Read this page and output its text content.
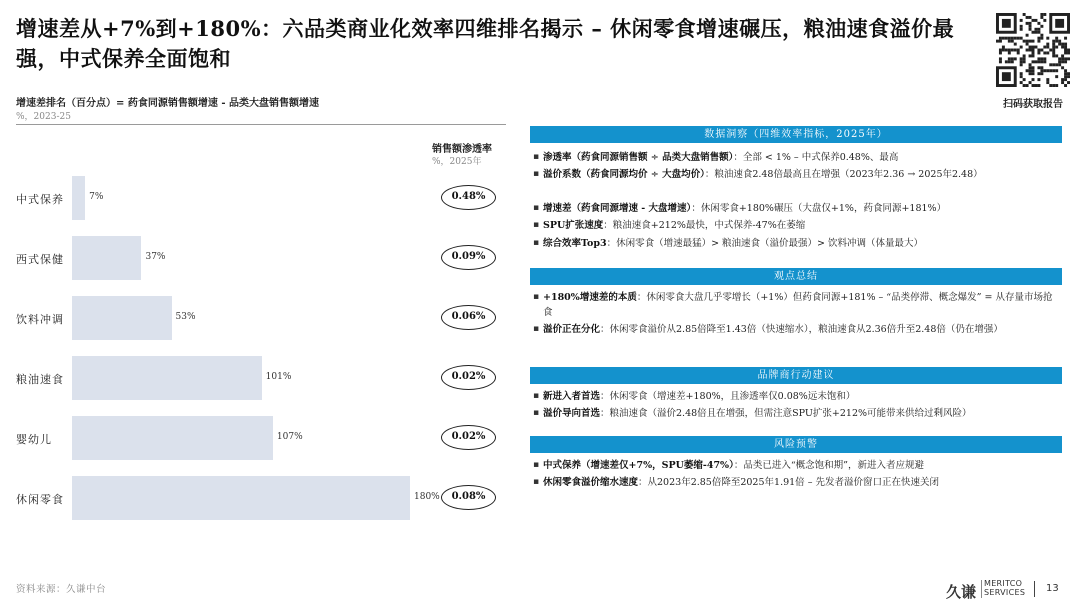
增速差从+7%到+180%：六品类商业化效率四维排名揭示 – 休闲零食增速碾压，粮油速食溢价最强，中式保养全面饱和
扫码获取报告
增速差排名（百分点）= 药食同源销售额增速 - 品类大盘销售额增速
%，2023-25
销售额渗透率
%，2025年
中式保养	7%	0.48%
西式保健	37%	0.09%
饮料冲调	53%	0.06%
粮油速食	101%	0.02%
婴幼儿	107%	0.02%
休闲零食	180%	0.08%
数据洞察（四维效率指标，2025年）
▪ 渗透率（药食同源销售额 ÷ 品类大盘销售额）：全部 < 1% – 中式保养0.48%、最高
▪ 溢价系数（药食同源均价 ÷ 大盘均价）：粮油速食2.48倍最高且在增强（2023年2.36 → 2025年2.48）
▪ 增速差（药食同源增速 - 大盘增速）：休闲零食+180%碾压（大盘仅+1%，药食同源+181%）
▪ SPU扩张速度：粮油速食+212%最快，中式保养-47%在萎缩
▪ 综合效率Top3：休闲零食（增速最猛）> 粮油速食（溢价最强）> 饮料冲调（体量最大）
观点总结
▪ +180%增速差的本质：休闲零食大盘几乎零增长（+1%）但药食同源+181% – “品类停滞、概念爆发” = 从存量市场抢食
▪ 溢价正在分化：休闲零食溢价从2.85倍降至1.43倍（快速缩水），粮油速食从2.36倍升至2.48倍（仍在增强）
品牌商行动建议
▪ 新进入者首选：休闲零食（增速差+180%，且渗透率仅0.08%远未饱和）
▪ 溢价导向首选：粮油速食（溢价2.48倍且在增强，但需注意SPU扩张+212%可能带来供给过剩风险）
风险预警
▪ 中式保养（增速差仅+7%，SPU萎缩-47%）：品类已进入“概念饱和期”，新进入者应规避
▪ 休闲零食溢价缩水速度：从2023年2.85倍降至2025年1.91倍 – 先发者溢价窗口正在快速关闭
资料来源：久谦中台	久谦 MERITCO
SERVICES 13
